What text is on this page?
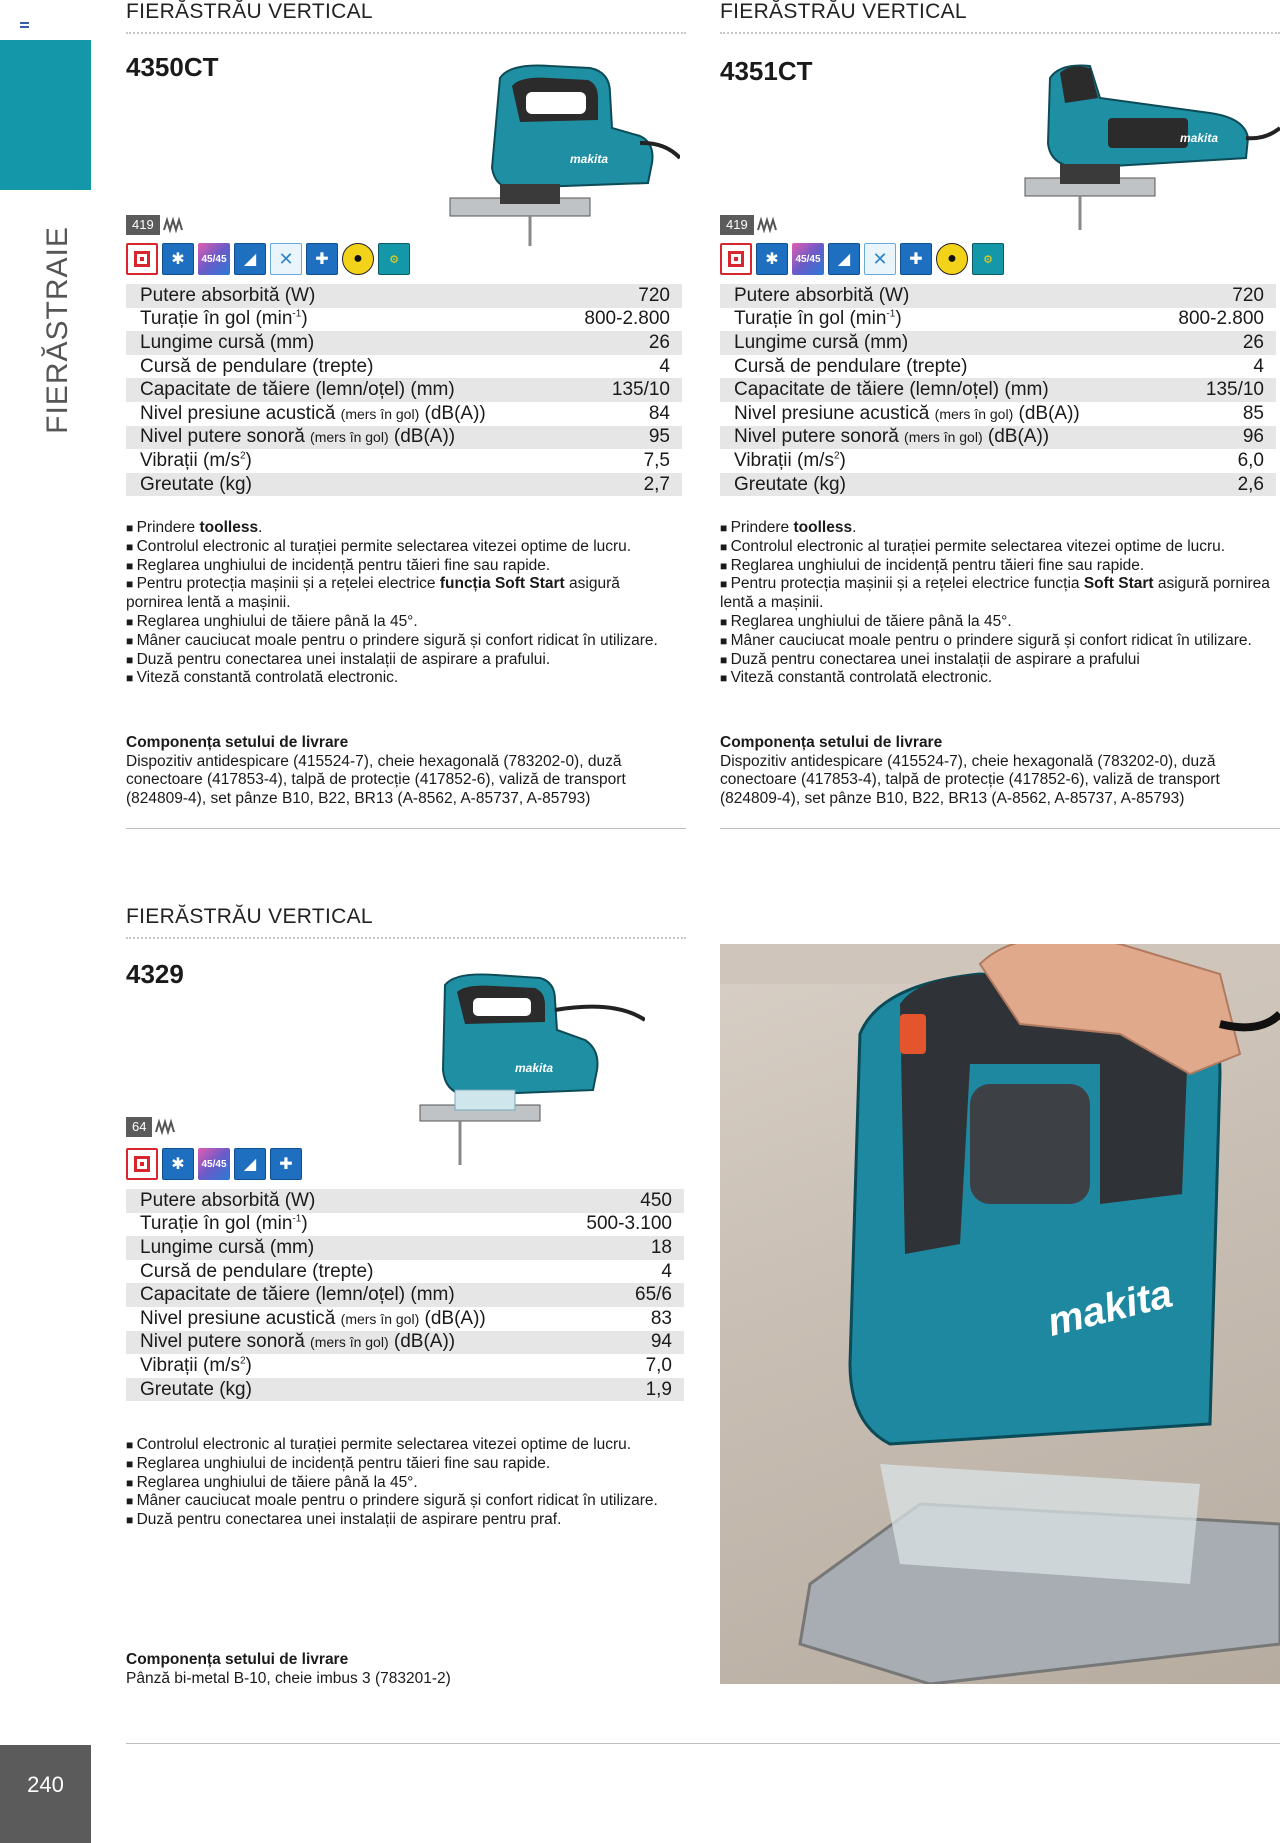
FIERĂSTRAIE
240
FIERĂSTRĂU VERTICAL
4350CT
FIERĂSTRĂU VERTICAL
4351CT
FIERĂSTRĂU VERTICAL
4329
makita
makita
makita
419	419
64
✱	45/45	◢	✕	✚	●	⚙	✱	45/45	◢	✕	✚	●	⚙
✱	45/45	◢	✚
Putere absorbită (W)	720
Turație în gol $(\min^{-1})$	800-2.800
Lungime cursă (mm)	26
Cursă de pendulare (trepte)	4
Capacitate de tăiere (lemn/oțel) (mm)	135/10
Nivel presiune acustică (mers în gol) (dB(A))	84
Nivel putere sonoră (mers în gol) (dB(A))	95
Vibrații $(m/s^2)$	7,5
Greutate (kg)	2,7
Putere absorbită (W)	720
Turație în gol $(\min^{-1})$	800-2.800
Lungime cursă (mm)	26
Cursă de pendulare (trepte)	4
Capacitate de tăiere (lemn/oțel) (mm)	135/10
Nivel presiune acustică (mers în gol) (dB(A))	85
Nivel putere sonoră (mers în gol) (dB(A))	96
Vibrații $(m/s^2)$	6,0
Greutate (kg)	2,6
Putere absorbită (W)	450
Turație în gol $(\min^{-1})$	500-3.100
Lungime cursă (mm)	18
Cursă de pendulare (trepte)	4
Capacitate de tăiere (lemn/oțel) (mm)	65/6
Nivel presiune acustică (mers în gol) (dB(A))	83
Nivel putere sonoră (mers în gol) (dB(A))	94
Vibrații $(m/s^2)$	7,0
Greutate (kg)	1,9
■ Prindere toolless.
■ Controlul electronic al turației permite selectarea vitezei optime de lucru.
■ Reglarea unghiului de incidență pentru tăieri fine sau rapide.
■ Pentru protecția mașinii și a rețelei electrice funcția Soft Start asigură pornirea lentă a mașinii.
■ Reglarea unghiului de tăiere până la 45°.
■ Mâner cauciucat moale pentru o prindere sigură și confort ridicat în utilizare.
■ Duză pentru conectarea unei instalații de aspirare a prafului.
■ Viteză constantă controlată electronic.
■ Prindere toolless.
■ Controlul electronic al turației permite selectarea vitezei optime de lucru.
■ Reglarea unghiului de incidență pentru tăieri fine sau rapide.
■ Pentru protecția mașinii și a rețelei electrice funcția Soft Start asigură pornirea lentă a mașinii.
■ Reglarea unghiului de tăiere până la 45°.
■ Mâner cauciucat moale pentru o prindere sigură și confort ridicat în utilizare.
■ Duză pentru conectarea unei instalații de aspirare a prafului
■ Viteză constantă controlată electronic.
■ Controlul electronic al turației permite selectarea vitezei optime de lucru.
■ Reglarea unghiului de incidență pentru tăieri fine sau rapide.
■ Reglarea unghiului de tăiere până la 45°.
■ Mâner cauciucat moale pentru o prindere sigură și confort ridicat în utilizare.
■ Duză pentru conectarea unei instalații de aspirare pentru praf.
Componența setului de livrare
Dispozitiv antidespicare (415524-7), cheie hexagonală (783202-0), duză conectoare (417853-4), talpă de protecție (417852-6), valiză de transport (824809-4), set pânze B10, B22, BR13 (A-8562, A-85737, A-85793)
Componența setului de livrare
Dispozitiv antidespicare (415524-7), cheie hexagonală (783202-0), duză conectoare (417853-4), talpă de protecție (417852-6), valiză de transport (824809-4), set pânze B10, B22, BR13 (A-8562, A-85737, A-85793)
Componența setului de livrare
Pânză bi-metal B-10, cheie imbus 3 (783201-2)
makita
